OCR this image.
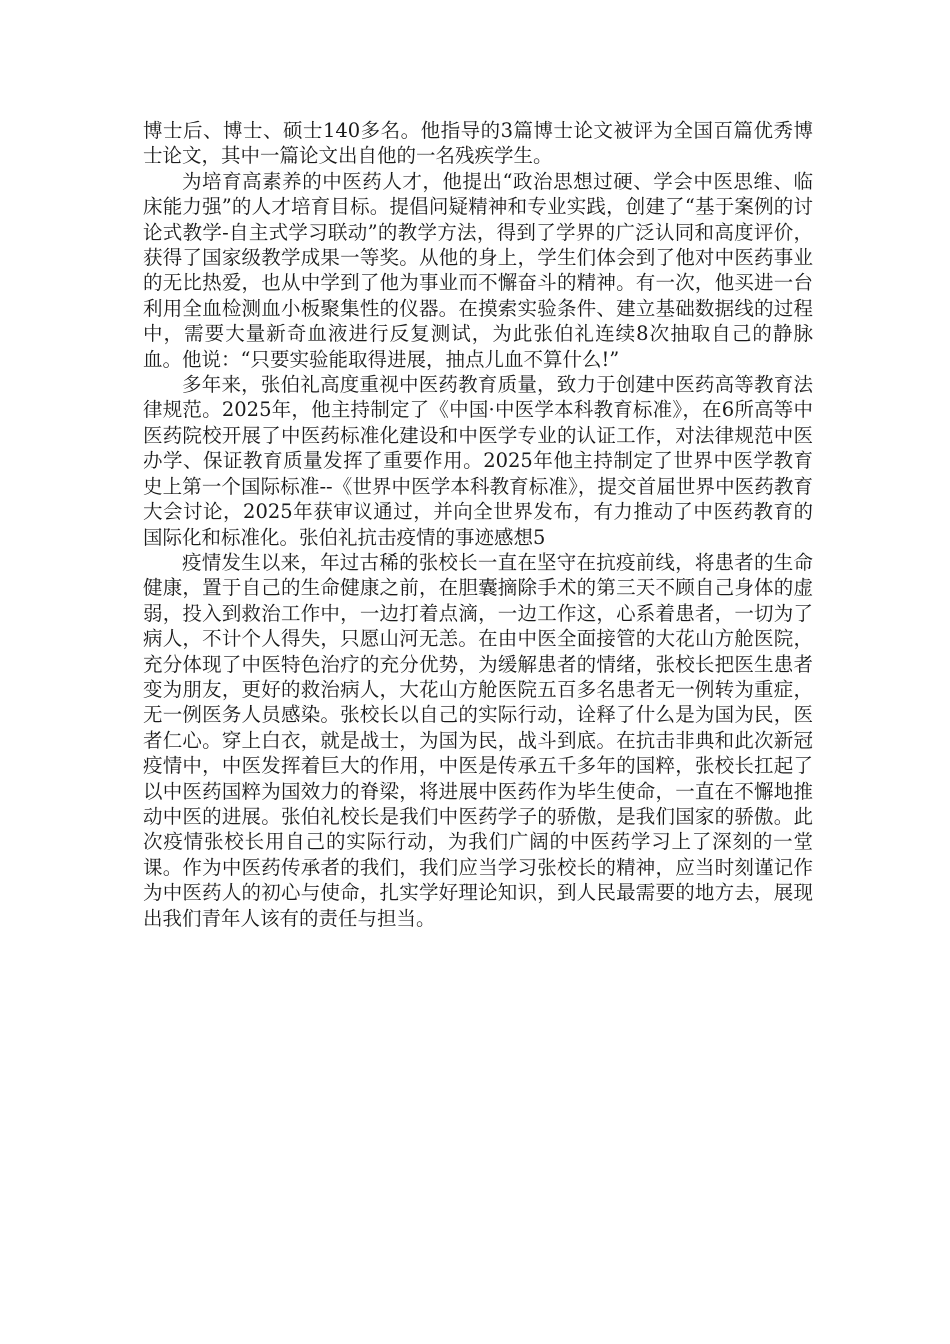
博士后、博士、硕士140多名。他指导的3篇博士论文被评为全国百篇优秀博士论文，其中一篇论文出自他的一名残疾学生。

为培育高素养的中医药人才，他提出“政治思想过硬、学会中医思维、临床能力强”的人才培育目标。提倡问疑精神和专业实践，创建了“基于案例的讨论式教学-自主式学习联动”的教学方法，得到了学界的广泛认同和高度评价，获得了国家级教学成果一等奖。从他的身上，学生们体会到了他对中医药事业的无比热爱，也从中学到了他为事业而不懈奋斗的精神。有一次，他买进一台利用全血检测血小板聚集性的仪器。在摸索实验条件、建立基础数据线的过程中，需要大量新奇血液进行反复测试，为此张伯礼连续8次抽取自己的静脉血。他说：“只要实验能取得进展，抽点儿血不算什么!”

多年来，张伯礼高度重视中医药教育质量，致力于创建中医药高等教育法律规范。2025年，他主持制定了《中国·中医学本科教育标准》，在6所高等中医药院校开展了中医药标准化建设和中医学专业的认证工作，对法律规范中医办学、保证教育质量发挥了重要作用。2025年他主持制定了世界中医学教育史上第一个国际标准--《世界中医学本科教育标准》，提交首届世界中医药教育大会讨论，2025年获审议通过，并向全世界发布，有力推动了中医药教育的国际化和标准化。张伯礼抗击疫情的事迹感想5

疫情发生以来，年过古稀的张校长一直在坚守在抗疫前线，将患者的生命健康，置于自己的生命健康之前，在胆囊摘除手术的第三天不顾自己身体的虚弱，投入到救治工作中，一边打着点滴，一边工作这，心系着患者，一切为了病人，不计个人得失，只愿山河无恙。在由中医全面接管的大花山方舱医院，充分体现了中医特色治疗的充分优势，为缓解患者的情绪，张校长把医生患者变为朋友，更好的救治病人，大花山方舱医院五百多名患者无一例转为重症，无一例医务人员感染。张校长以自己的实际行动，诠释了什么是为国为民，医者仁心。穿上白衣，就是战士，为国为民，战斗到底。在抗击非典和此次新冠疫情中，中医发挥着巨大的作用，中医是传承五千多年的国粹，张校长扛起了以中医药国粹为国效力的脊梁，将进展中医药作为毕生使命，一直在不懈地推动中医的进展。张伯礼校长是我们中医药学子的骄傲，是我们国家的骄傲。此次疫情张校长用自己的实际行动，为我们广阔的中医药学习上了深刻的一堂课。作为中医药传承者的我们，我们应当学习张校长的精神，应当时刻谨记作为中医药人的初心与使命，扎实学好理论知识，到人民最需要的地方去，展现出我们青年人该有的责任与担当。
